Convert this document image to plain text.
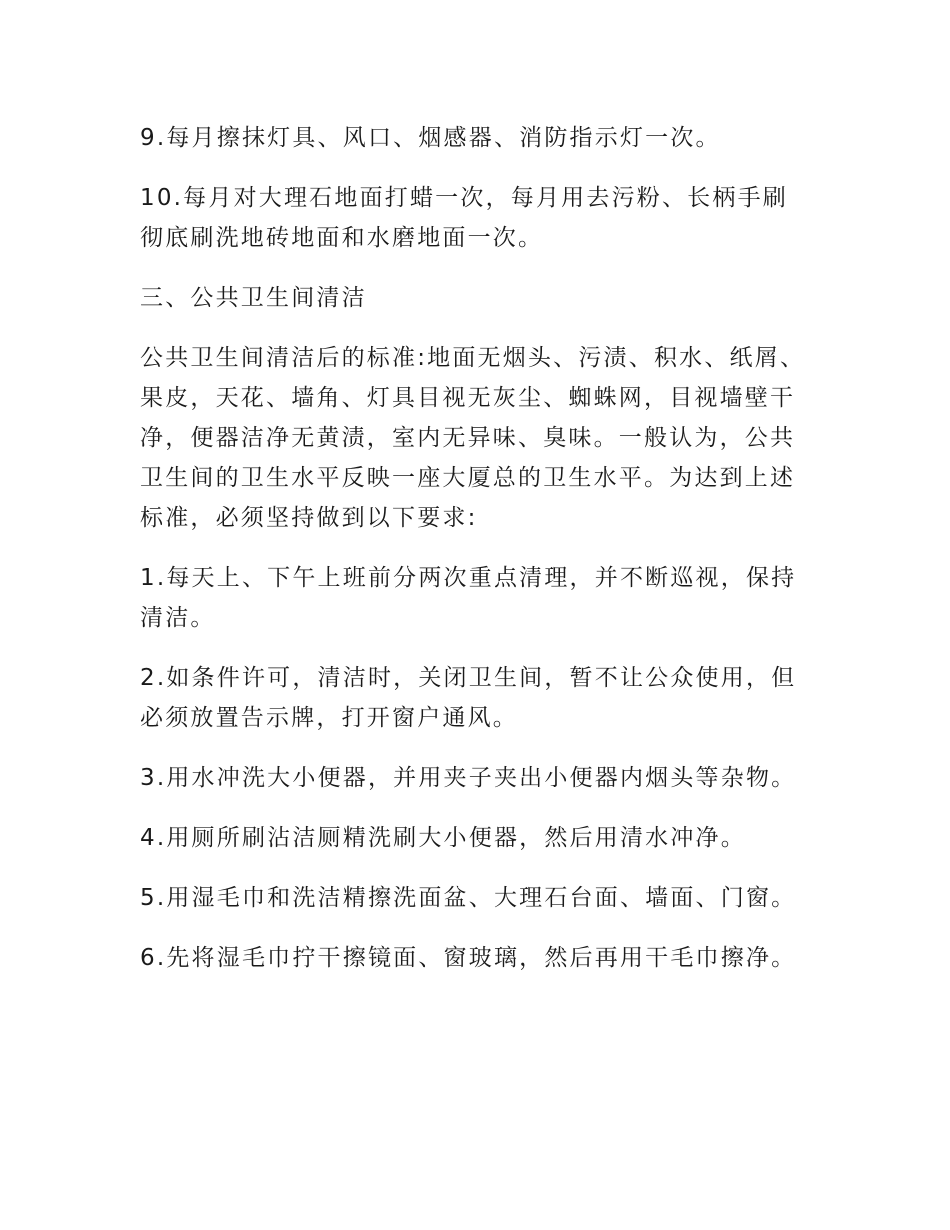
9.每月擦抹灯具、风口、烟感器、消防指示灯一次。

10.每月对大理石地面打蜡一次，每月用去污粉、长柄手刷彻底刷洗地砖地面和水磨地面一次。

三、公共卫生间清洁

公共卫生间清洁后的标准:地面无烟头、污渍、积水、纸屑、果皮，天花、墙角、灯具目视无灰尘、蜘蛛网，目视墙壁干净，便器洁净无黄渍，室内无异味、臭味。一般认为，公共卫生间的卫生水平反映一座大厦总的卫生水平。为达到上述标准，必须坚持做到以下要求:

1.每天上、下午上班前分两次重点清理，并不断巡视，保持清洁。

2.如条件许可，清洁时，关闭卫生间，暂不让公众使用，但必须放置告示牌，打开窗户通风。

3.用水冲洗大小便器，并用夹子夹出小便器内烟头等杂物。

4.用厕所刷沾洁厕精洗刷大小便器，然后用清水冲净。

5.用湿毛巾和洗洁精擦洗面盆、大理石台面、墙面、门窗。

6.先将湿毛巾拧干擦镜面、窗玻璃，然后再用干毛巾擦净。
